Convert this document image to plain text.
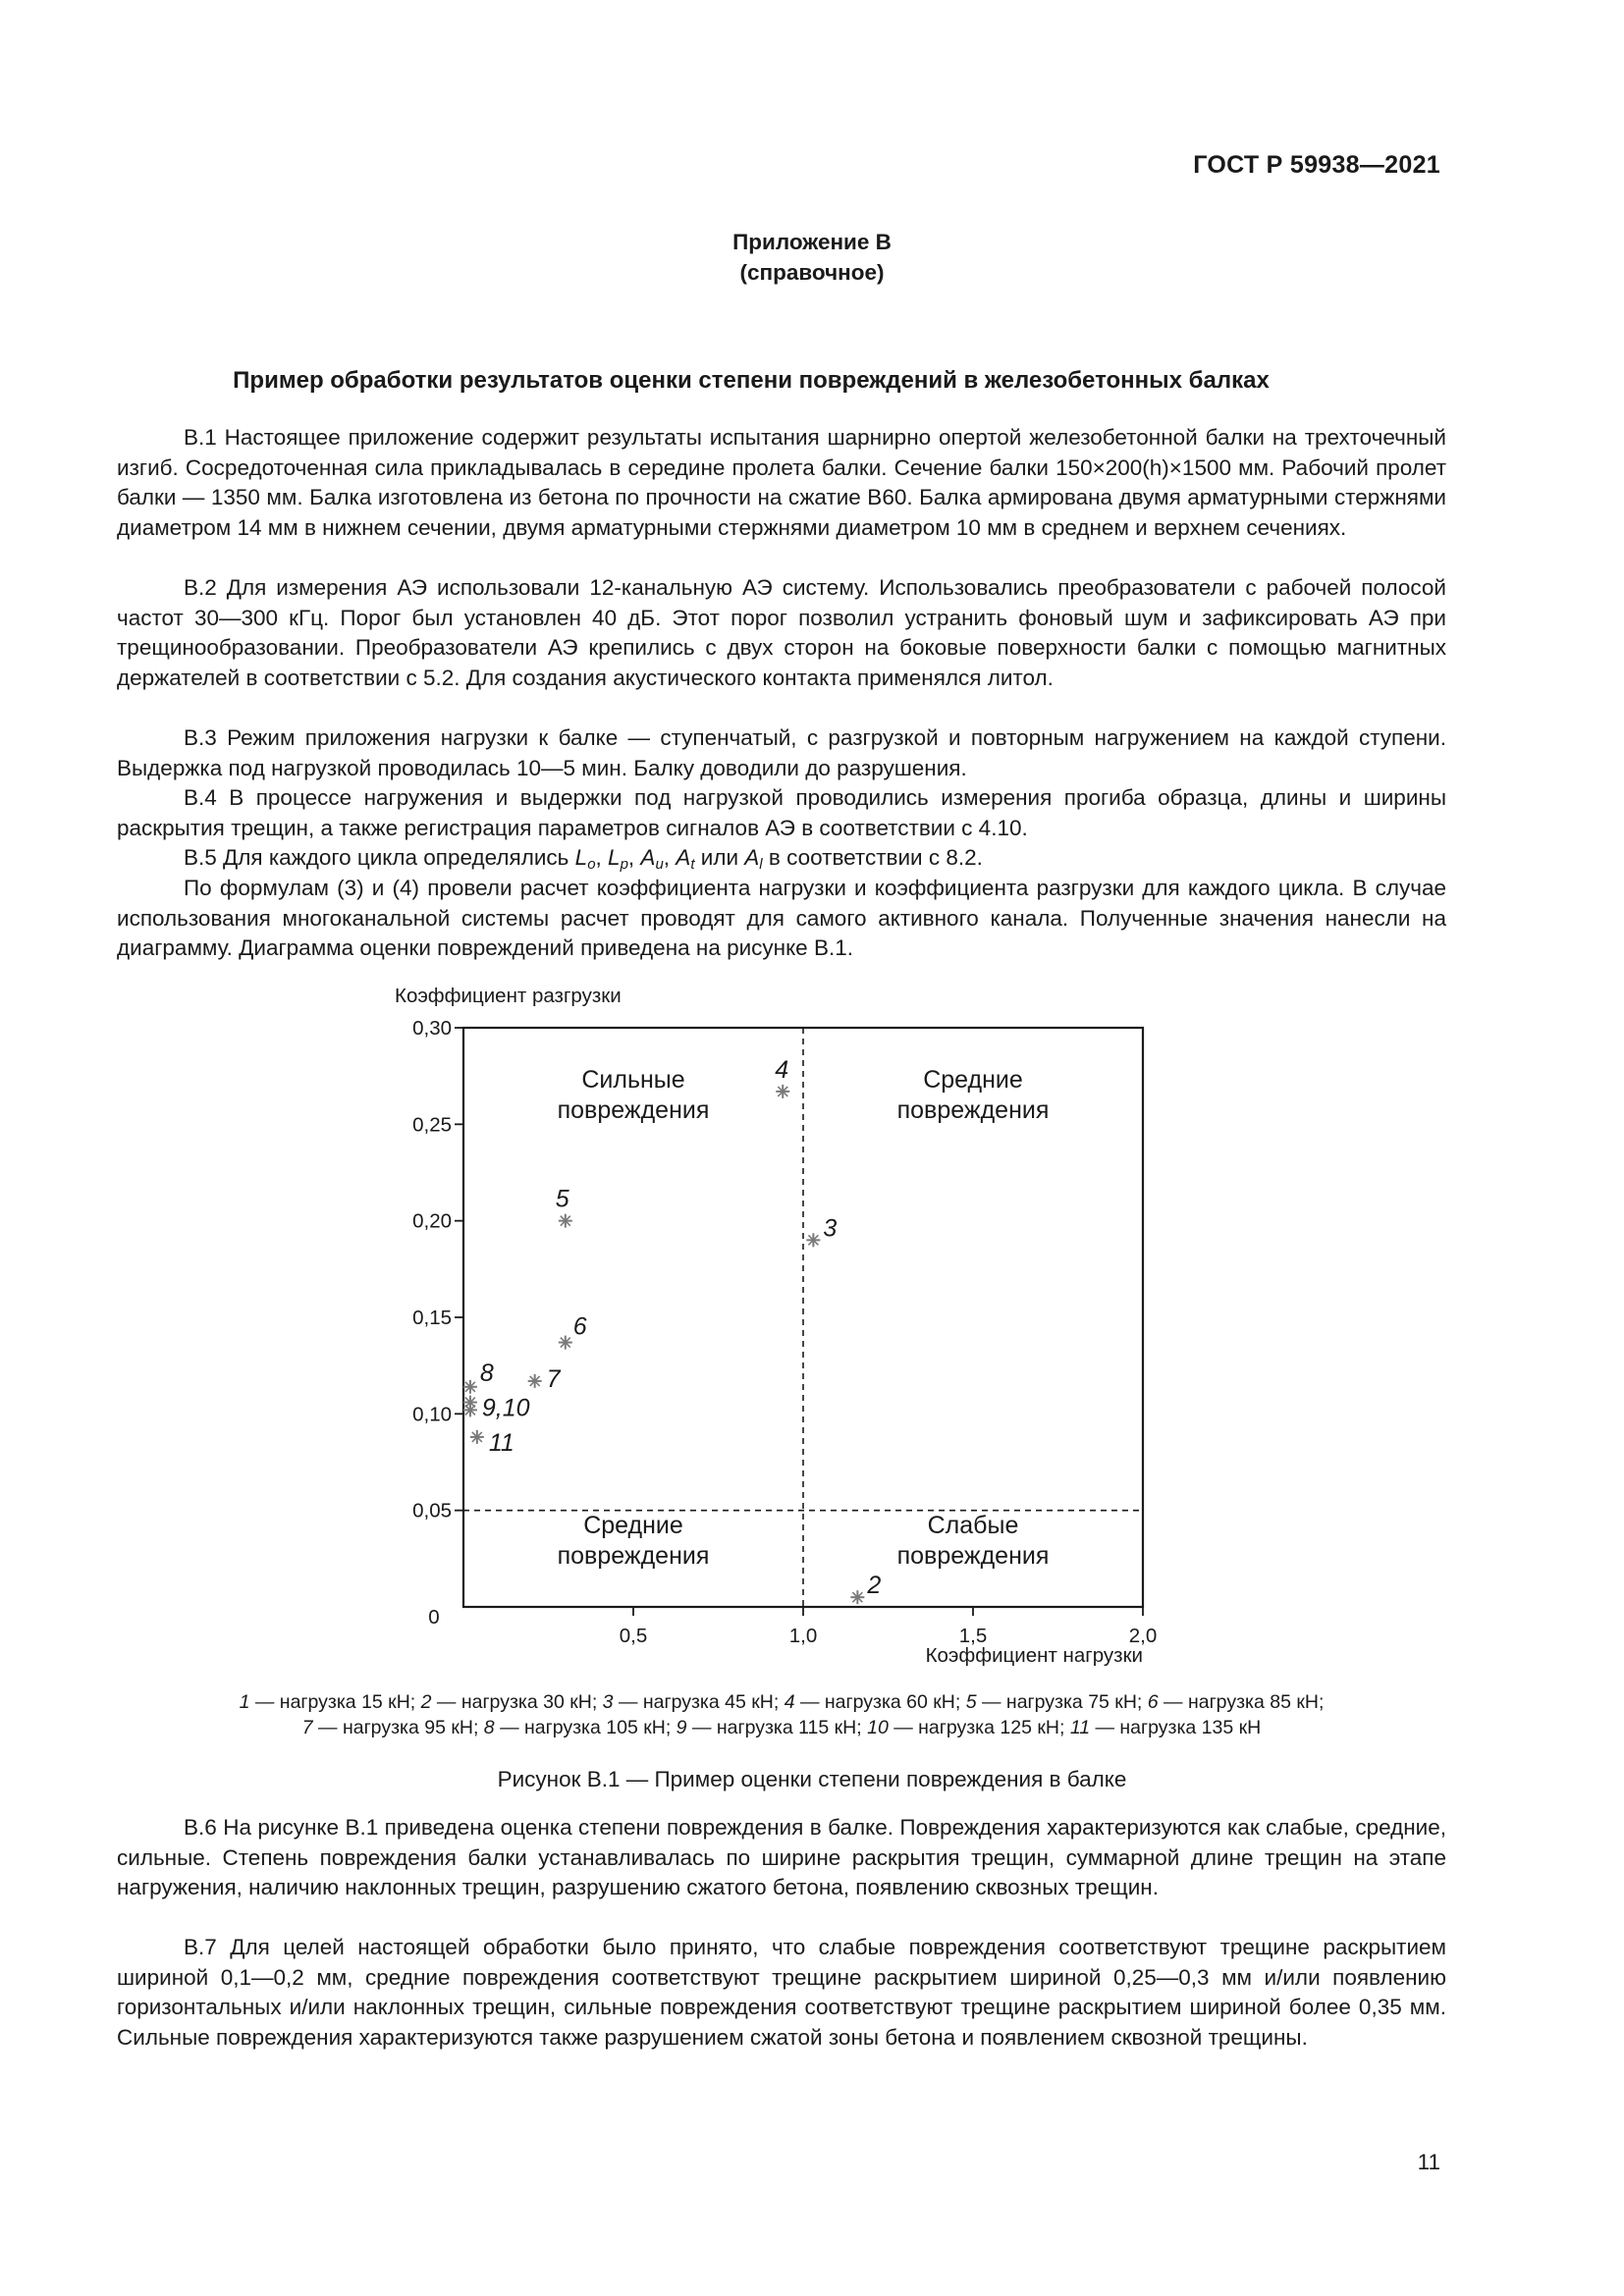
ГОСТ Р 59938—2021
Приложение В
(справочное)
Пример обработки результатов оценки степени повреждений в железобетонных балках

В.1 Настоящее приложение содержит результаты испытания шарнирно опертой железобетонной балки на трехточечный изгиб. Сосредоточенная сила прикладывалась в середине пролета балки. Сечение балки 150×200(h)×1500 мм. Рабочий пролет балки — 1350 мм. Балка изготовлена из бетона по прочности на сжатие В60. Балка армирована двумя арматурными стержнями диаметром 14 мм в нижнем сечении, двумя арматурными стержнями диаметром 10 мм в среднем и верхнем сечениях.

В.2 Для измерения АЭ использовали 12-канальную АЭ систему. Использовались преобразователи с рабочей полосой частот 30—300 кГц. Порог был установлен 40 дБ. Этот порог позволил устранить фоновый шум и зафиксировать АЭ при трещинообразовании. Преобразователи АЭ крепились с двух сторон на боковые поверхности балки с помощью магнитных держателей в соответствии с 5.2. Для создания акустического контакта применялся литол.

В.3 Режим приложения нагрузки к балке — ступенчатый, с разгрузкой и повторным нагружением на каждой ступени. Выдержка под нагрузкой проводилась 10—5 мин. Балку доводили до разрушения.

В.4 В процессе нагружения и выдержки под нагрузкой проводились измерения прогиба образца, длины и ширины раскрытия трещин, а также регистрация параметров сигналов АЭ в соответствии с 4.10.

В.5 Для каждого цикла определялись $L_o$, $L_p$, $A_u$, $A_t$ или $A_l$ в соответствии с 8.2.

По формулам (3) и (4) провели расчет коэффициента нагрузки и коэффициента разгрузки для каждого цикла. В случае использования многоканальной системы расчет проводят для самого активного канала. Полученные значения нанесли на диаграмму. Диаграмма оценки повреждений приведена на рисунке В.1.

Коэффициент разгрузки
0,5	1,0	1,5	2,0
0,05
0,10
0,15
0,20
0,25
0,30
0
Сильные
повреждения
Средние
повреждения
Средние
повреждения
Слабые
повреждения
2
3
4
5
6
7
8
9,10
11
Коэффициент нагрузки
1 — нагрузка 15 кН; 2 — нагрузка 30 кН; 3 — нагрузка 45 кН; 4 — нагрузка 60 кН; 5 — нагрузка 75 кН; 6 — нагрузка 85 кН;
7 — нагрузка 95 кН; 8 — нагрузка 105 кН; 9 — нагрузка 115 кН; 10 — нагрузка 125 кН; 11 — нагрузка 135 кН
Рисунок В.1 — Пример оценки степени повреждения в балке

В.6 На рисунке В.1 приведена оценка степени повреждения в балке. Повреждения характеризуются как слабые, средние, сильные. Степень повреждения балки устанавливалась по ширине раскрытия трещин, суммарной длине трещин на этапе нагружения, наличию наклонных трещин, разрушению сжатого бетона, появлению сквозных трещин.

В.7 Для целей настоящей обработки было принято, что слабые повреждения соответствуют трещине раскрытием шириной 0,1—0,2 мм, средние повреждения соответствуют трещине раскрытием шириной 0,25—0,3 мм и/или появлению горизонтальных и/или наклонных трещин, сильные повреждения соответствуют трещине раскрытием шириной более 0,35 мм. Сильные повреждения характеризуются также разрушением сжатой зоны бетона и появлением сквозной трещины.

11
